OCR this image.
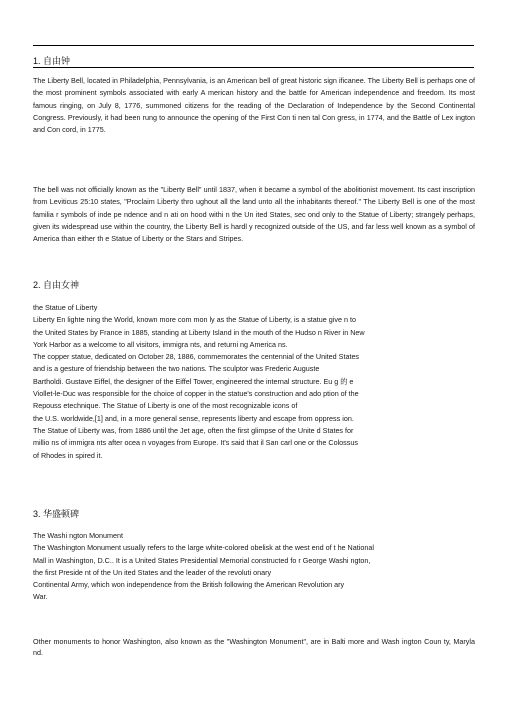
1. 自由钟

The Liberty Bell, located in Philadelphia, Pennsylvania, is an American bell of great historic sign ificanee. The Liberty Bell is perhaps one of the most prominent symbols associated with early A merican history and the battle for American independence and freedom. Its most famous ringing, on July 8, 1776, summoned citizens for the reading of the Declaration of Independence by the Second Continental Congress. Previously, it had been rung to announce the opening of the First Con ti nen tal Con gress, in 1774, and the Battle of Lex ington and Con cord, in 1775.

The bell was not officially known as the "Liberty Bell" until 1837, when it became a symbol of the abolitionist movement. Its cast inscription from Leviticus 25:10 states, "Proclaim Liberty thro ughout all the land unto all the inhabitants thereof." The Liberty Bell is one of the most familia r symbols of inde pe ndence and n ati on hood withi n the Un ited States, sec ond only to the Statue of Liberty; strangely perhaps, given its widespread use within the country, the Liberty Bell is hardl y recognized outside of the US, and far less well known as a symbol of America than either th e Statue of Liberty or the Stars and Stripes.

2. 自由女神
the Statue of Liberty
Liberty En lighte ning the World, known more com mon ly as the Statue of Liberty, is a statue give n to
the United States by France in 1885, standing at Liberty Island in the mouth of the Hudso n River in New
York Harbor as a welcome to all visitors, immigra nts, and returni ng America ns.
The copper statue, dedicated on October 28, 1886, commemorates the centennial of the United States
and is a gesture of friendship between the two nations. The sculptor was Frederic Auguste
Bartholdi. Gustave Eiffel, the designer of the Eiffel Tower, engineered the internal structure. Eu g 的 e
Viollet-le-Duc was responsible for the choice of copper in the statue's construction and ado ption of the
Repouss etechnique. The Statue of Liberty is one of the most recognizable icons of
the U.S. worldwide,[1] and, in a more general sense, represents liberty and escape from oppress ion.
The Statue of Liberty was, from 1886 until the Jet age, often the first glimpse of the Unite d States for
millio ns of immigra nts after ocea n voyages from Europe. It's said that il San carl one or the Colossus
of Rhodes in spired it.
3. 华盛顿碑
The Washi ngton Monument
The Washington Monument usually refers to the large white-colored obelisk at the west end of t he National
Mall in Washington, D.C.. It is a United States Presidential Memorial constructed fo r George Washi ngton,
the first Preside nt of the Un ited States and the leader of the revoluti onary
Continental Army, which won independence from the British following the American Revolution ary
War.

Other monuments to honor Washington, also known as the "Washington Monument", are in Balti more and Wash ington Coun ty, Maryla nd.
